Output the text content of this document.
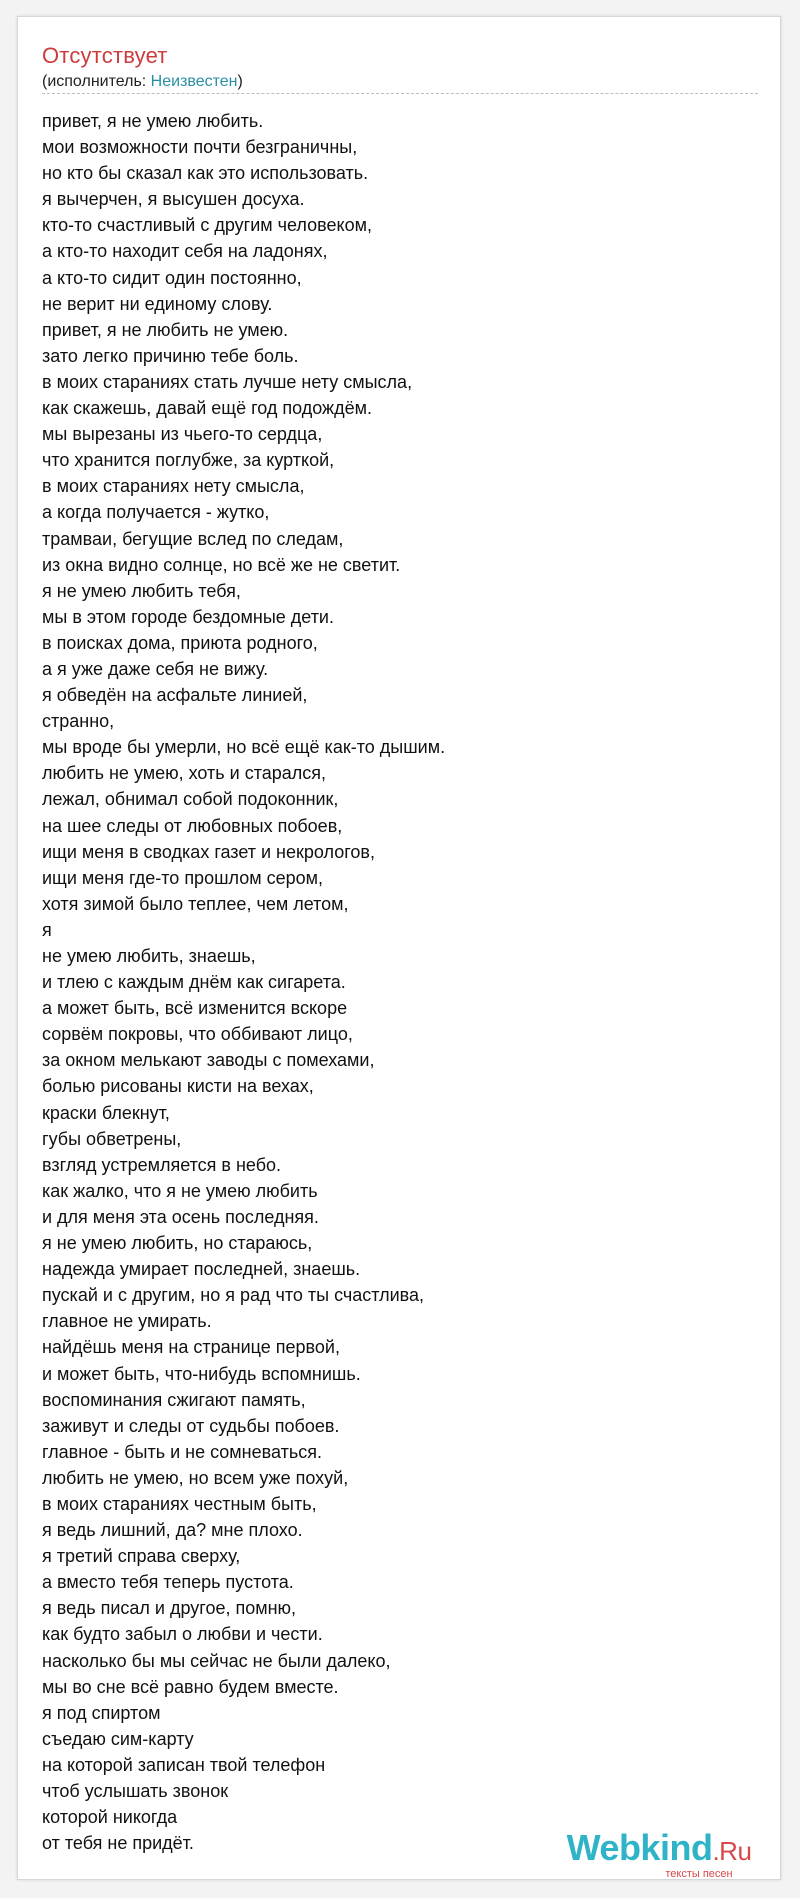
Отсутствует
(исполнитель: Неизвестен)
привет, я не умею любить.
мои возможности почти безграничны,
но кто бы сказал как это использовать.
я вычерчен, я высушен досуха.
кто-то счастливый с другим человеком,
а кто-то находит себя на ладонях,
а кто-то сидит один постоянно,
не верит ни единому слову.
привет, я не любить не умею.
зато легко причиню тебе боль.
в моих стараниях стать лучше нету смысла,
как скажешь, давай ещё год подождём.
мы вырезаны из чьего-то сердца,
что хранится поглубже, за курткой,
в моих стараниях нету смысла,
а когда получается - жутко,
трамваи, бегущие вслед по следам,
из окна видно солнце, но всё же не светит.
я не умею любить тебя,
мы в этом городе бездомные дети.
в поисках дома, приюта родного,
а я уже даже себя не вижу.
я обведён на асфальте линией,
странно,
мы вроде бы умерли, но всё ещё как-то дышим.
любить не умею, хоть и старался,
лежал, обнимал собой подоконник,
на шее следы от любовных побоев,
ищи меня в сводках газет и некрологов,
ищи меня где-то прошлом сером,
хотя зимой было теплее, чем летом,
я
не умею любить, знаешь,
и тлею с каждым днём как сигарета.
а может быть, всё изменится вскоре
сорвём покровы, что оббивают лицо,
за окном мелькают заводы с помехами,
болью рисованы кисти на вехах,
краски блекнут,
губы обветрены,
взгляд устремляется в небо.
как жалко, что я не умею любить
и для меня эта осень последняя.
я не умею любить, но стараюсь,
надежда умирает последней, знаешь.
пускай и с другим, но я рад что ты счастлива,
главное не умирать.
найдёшь меня на странице первой,
и может быть, что-нибудь вспомнишь.
воспоминания сжигают память,
заживут и следы от судьбы побоев.
главное - быть и не сомневаться.
любить не умею, но всем уже похуй,
в моих стараниях честным быть,
я ведь лишний, да? мне плохо.
я третий справа сверху,
а вместо тебя теперь пустота.
я ведь писал и другое, помню,
как будто забыл о любви и чести.
насколько бы мы сейчас не были далеко,
мы во сне всё равно будем вместе.
я под спиртом
съедаю сим-карту
на которой записан твой телефон
чтоб услышать звонок
которой никогда
от тебя не придёт.	Webkind.Ru
тексты песен
